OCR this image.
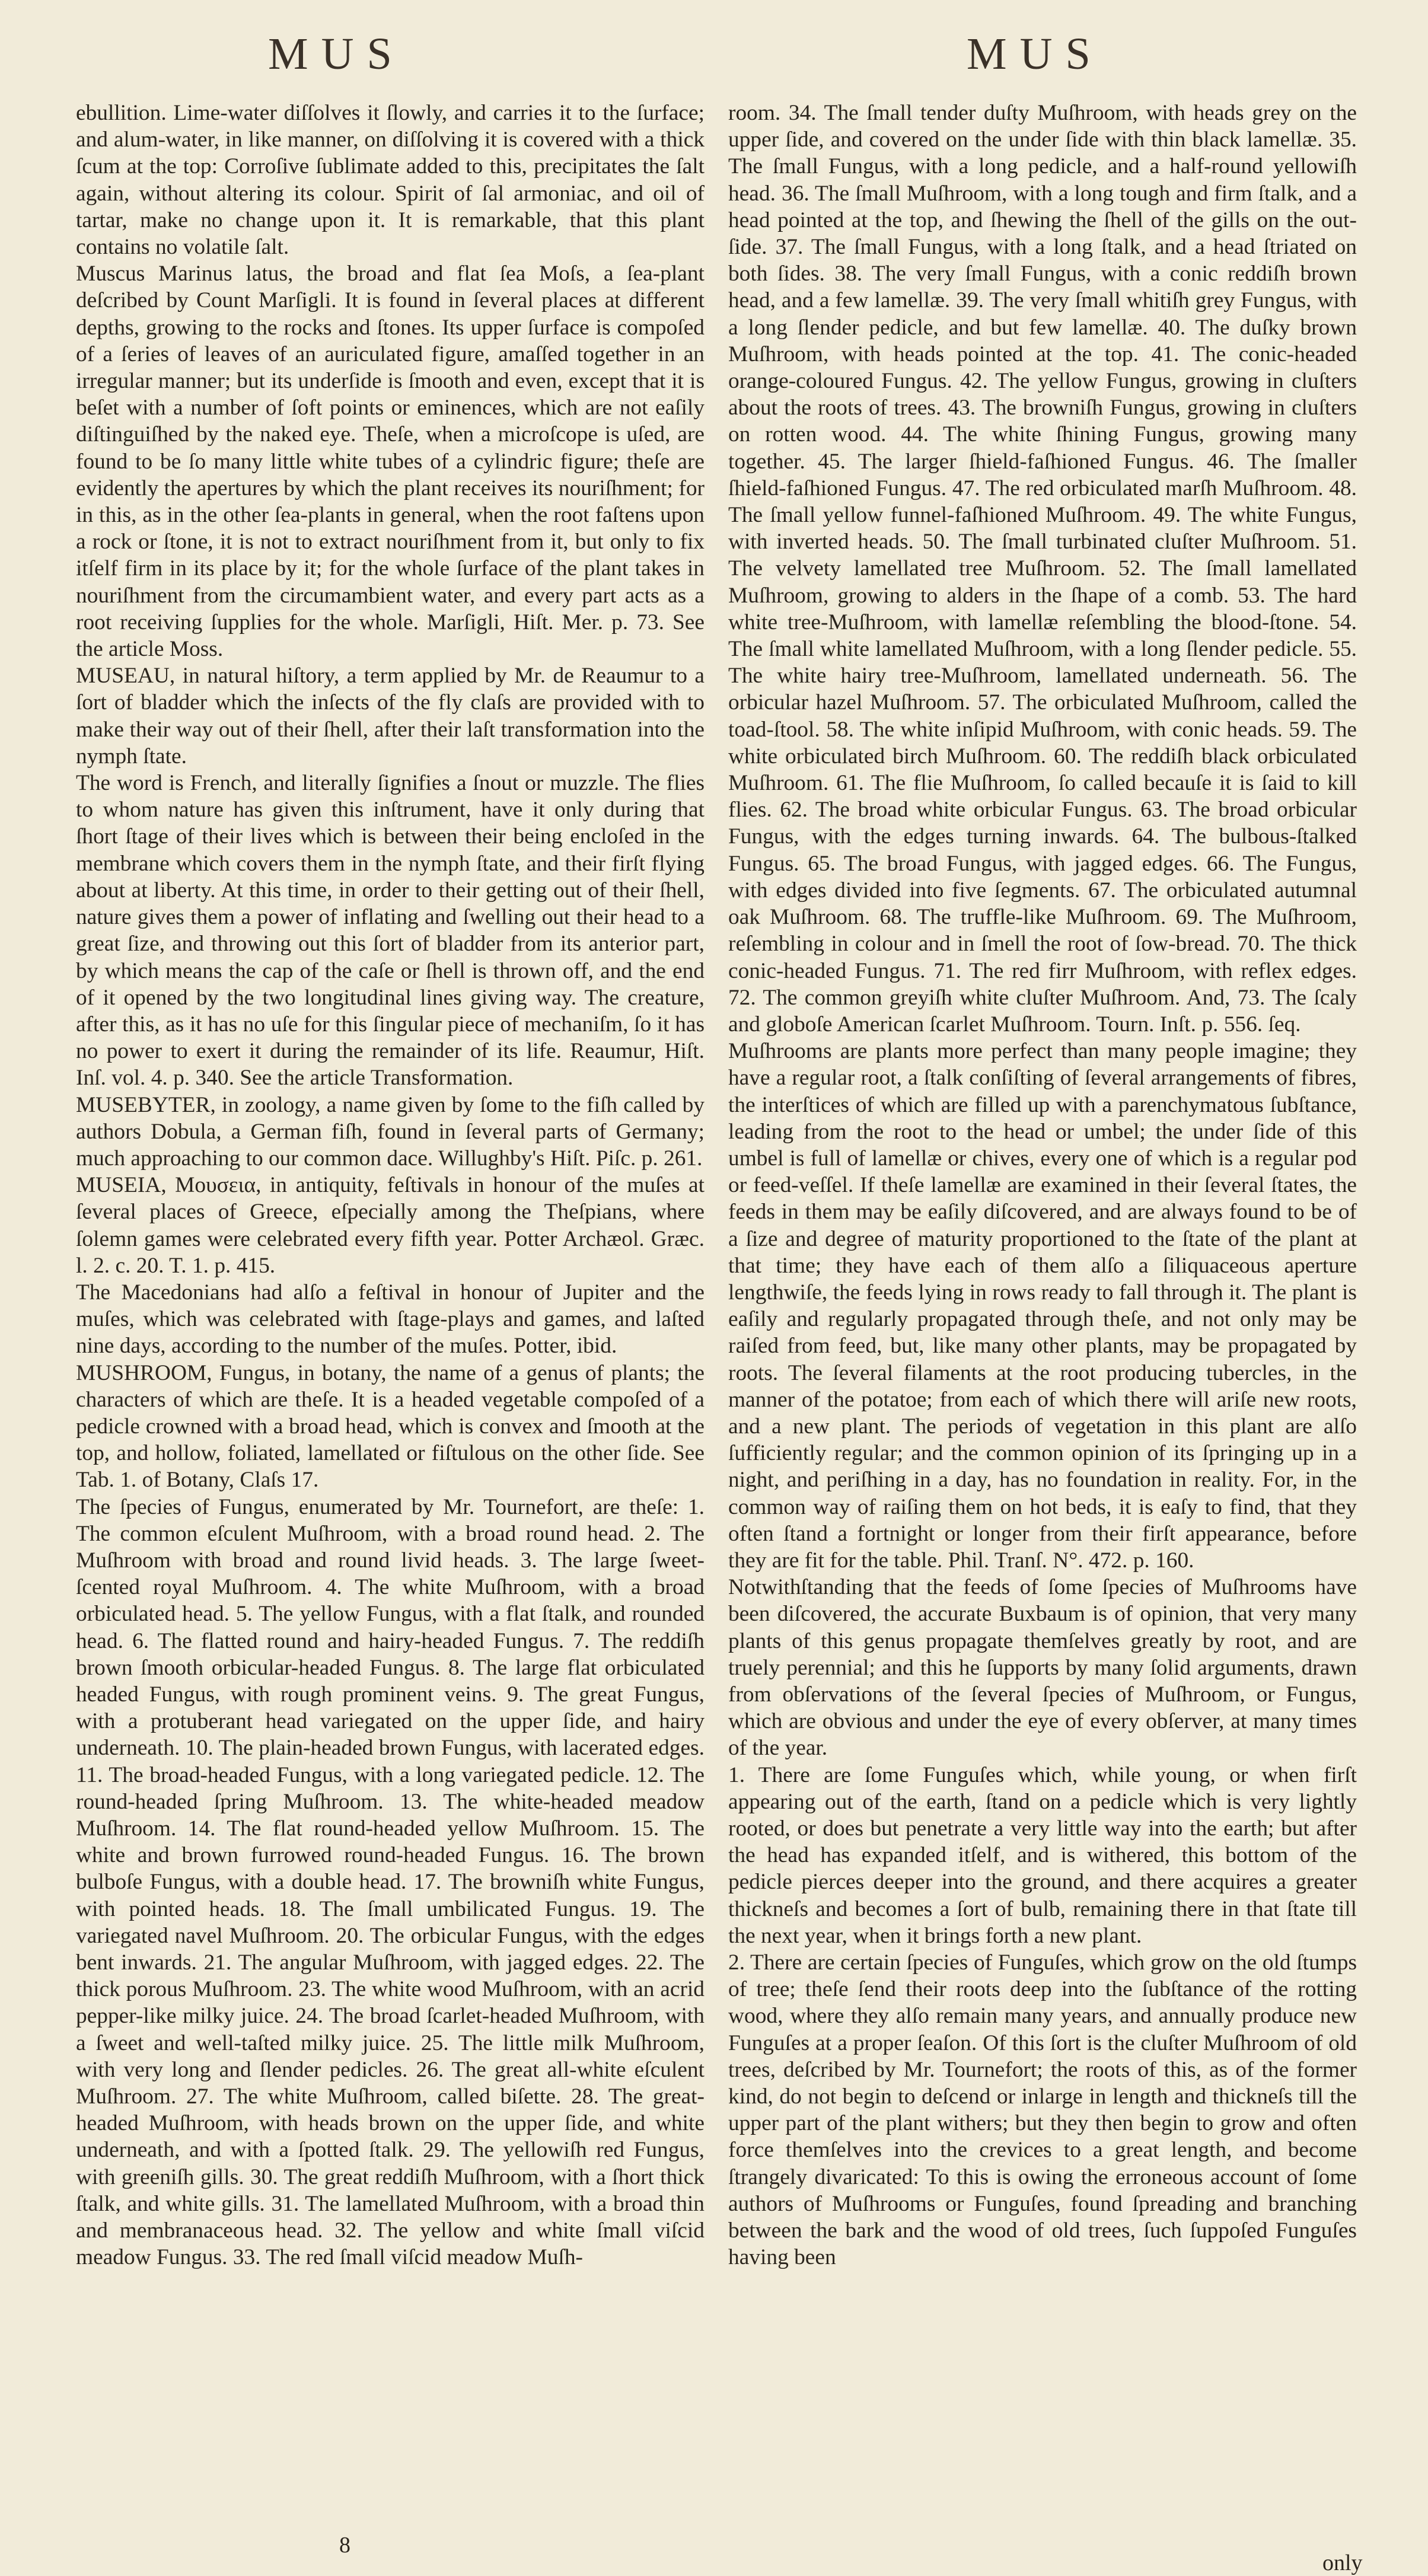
MUS	MUS

ebullition. Lime-water diſſolves it ſlowly, and carries it to the ſurface; and alum-water, in like manner, on diſſolving it is covered with a thick ſcum at the top: Corroſive ſublimate added to this, precipitates the ſalt again, without altering its colour. Spirit of ſal armoniac, and oil of tartar, make no change upon it. It is remarkable, that this plant contains no volatile ſalt.

Muscus Marinus latus, the broad and flat ſea Moſs, a ſea-plant deſcribed by Count Marſigli. It is found in ſeveral places at different depths, growing to the rocks and ſtones. Its upper ſurface is compoſed of a ſeries of leaves of an auriculated figure, amaſſed together in an irregular manner; but its underſide is ſmooth and even, except that it is beſet with a number of ſoft points or eminences, which are not eaſily diſtinguiſhed by the naked eye. Theſe, when a microſcope is uſed, are found to be ſo many little white tubes of a cylindric figure; theſe are evidently the apertures by which the plant receives its nouriſhment; for in this, as in the other ſea-plants in general, when the root faſtens upon a rock or ſtone, it is not to extract nouriſhment from it, but only to fix itſelf firm in its place by it; for the whole ſurface of the plant takes in nouriſhment from the circumambient water, and every part acts as a root receiving ſupplies for the whole. Marſigli, Hiſt. Mer. p. 73. See the article Moss.

MUSEAU, in natural hiſtory, a term applied by Mr. de Reaumur to a ſort of bladder which the inſects of the fly claſs are provided with to make their way out of their ſhell, after their laſt transformation into the nymph ſtate.

The word is French, and literally ſignifies a ſnout or muzzle. The flies to whom nature has given this inſtrument, have it only during that ſhort ſtage of their lives which is between their being encloſed in the membrane which covers them in the nymph ſtate, and their firſt flying about at liberty. At this time, in order to their getting out of their ſhell, nature gives them a power of inflating and ſwelling out their head to a great ſize, and throwing out this ſort of bladder from its anterior part, by which means the cap of the caſe or ſhell is thrown off, and the end of it opened by the two longitudinal lines giving way. The creature, after this, as it has no uſe for this ſingular piece of mechaniſm, ſo it has no power to exert it during the remainder of its life. Reaumur, Hiſt. Inſ. vol. 4. p. 340. See the article Transformation.

MUSEBYTER, in zoology, a name given by ſome to the fiſh called by authors Dobula, a German fiſh, found in ſeveral parts of Germany; much approaching to our common dace. Willughby's Hiſt. Piſc. p. 261.

MUSEIA, Μουσεια, in antiquity, feſtivals in honour of the muſes at ſeveral places of Greece, eſpecially among the Theſpians, where ſolemn games were celebrated every fifth year. Potter Archæol. Græc. l. 2. c. 20. T. 1. p. 415.

The Macedonians had alſo a feſtival in honour of Jupiter and the muſes, which was celebrated with ſtage-plays and games, and laſted nine days, according to the number of the muſes. Potter, ibid.

MUSHROOM, Fungus, in botany, the name of a genus of plants; the characters of which are theſe. It is a headed vegetable compoſed of a pedicle crowned with a broad head, which is convex and ſmooth at the top, and hollow, foliated, lamellated or fiſtulous on the other ſide. See Tab. 1. of Botany, Claſs 17.

The ſpecies of Fungus, enumerated by Mr. Tournefort, are theſe: 1. The common eſculent Muſhroom, with a broad round head. 2. The Muſhroom with broad and round livid heads. 3. The large ſweet-ſcented royal Muſhroom. 4. The white Muſhroom, with a broad orbiculated head. 5. The yellow Fungus, with a flat ſtalk, and rounded head. 6. The flatted round and hairy-headed Fungus. 7. The reddiſh brown ſmooth orbicular-headed Fungus. 8. The large flat orbiculated headed Fungus, with rough prominent veins. 9. The great Fungus, with a protuberant head variegated on the upper ſide, and hairy underneath. 10. The plain-headed brown Fungus, with lacerated edges. 11. The broad-headed Fungus, with a long variegated pedicle. 12. The round-headed ſpring Muſhroom. 13. The white-headed meadow Muſhroom. 14. The flat round-headed yellow Muſhroom. 15. The white and brown furrowed round-headed Fungus. 16. The brown bulboſe Fungus, with a double head. 17. The browniſh white Fungus, with pointed heads. 18. The ſmall umbilicated Fungus. 19. The variegated navel Muſhroom. 20. The orbicular Fungus, with the edges bent inwards. 21. The angular Muſhroom, with jagged edges. 22. The thick porous Muſhroom. 23. The white wood Muſhroom, with an acrid pepper-like milky juice. 24. The broad ſcarlet-headed Muſhroom, with a ſweet and well-taſted milky juice. 25. The little milk Muſhroom, with very long and ſlender pedicles. 26. The great all-white eſculent Muſhroom. 27. The white Muſhroom, called biſette. 28. The great-headed Muſhroom, with heads brown on the upper ſide, and white underneath, and with a ſpotted ſtalk. 29. The yellowiſh red Fungus, with greeniſh gills. 30. The great reddiſh Muſhroom, with a ſhort thick ſtalk, and white gills. 31. The lamellated Muſhroom, with a broad thin and membranaceous head. 32. The yellow and white ſmall viſcid meadow Fungus. 33. The red ſmall viſcid meadow Muſh-

room. 34. The ſmall tender duſty Muſhroom, with heads grey on the upper ſide, and covered on the under ſide with thin black lamellæ. 35. The ſmall Fungus, with a long pedicle, and a half-round yellowiſh head. 36. The ſmall Muſhroom, with a long tough and firm ſtalk, and a head pointed at the top, and ſhewing the ſhell of the gills on the out-ſide. 37. The ſmall Fungus, with a long ſtalk, and a head ſtriated on both ſides. 38. The very ſmall Fungus, with a conic reddiſh brown head, and a few lamellæ. 39. The very ſmall whitiſh grey Fungus, with a long ſlender pedicle, and but few lamellæ. 40. The duſky brown Muſhroom, with heads pointed at the top. 41. The conic-headed orange-coloured Fungus. 42. The yellow Fungus, growing in cluſters about the roots of trees. 43. The browniſh Fungus, growing in cluſters on rotten wood. 44. The white ſhining Fungus, growing many together. 45. The larger ſhield-faſhioned Fungus. 46. The ſmaller ſhield-faſhioned Fungus. 47. The red orbiculated marſh Muſhroom. 48. The ſmall yellow funnel-faſhioned Muſhroom. 49. The white Fungus, with inverted heads. 50. The ſmall turbinated cluſter Muſhroom. 51. The velvety lamellated tree Muſhroom. 52. The ſmall lamellated Muſhroom, growing to alders in the ſhape of a comb. 53. The hard white tree-Muſhroom, with lamellæ reſembling the blood-ſtone. 54. The ſmall white lamellated Muſhroom, with a long ſlender pedicle. 55. The white hairy tree-Muſhroom, lamellated underneath. 56. The orbicular hazel Muſhroom. 57. The orbiculated Muſhroom, called the toad-ſtool. 58. The white inſipid Muſhroom, with conic heads. 59. The white orbiculated birch Muſhroom. 60. The reddiſh black orbiculated Muſhroom. 61. The flie Muſhroom, ſo called becauſe it is ſaid to kill flies. 62. The broad white orbicular Fungus. 63. The broad orbicular Fungus, with the edges turning inwards. 64. The bulbous-ſtalked Fungus. 65. The broad Fungus, with jagged edges. 66. The Fungus, with edges divided into five ſegments. 67. The orbiculated autumnal oak Muſhroom. 68. The truffle-like Muſhroom. 69. The Muſhroom, reſembling in colour and in ſmell the root of ſow-bread. 70. The thick conic-headed Fungus. 71. The red firr Muſhroom, with reflex edges. 72. The common greyiſh white cluſter Muſhroom. And, 73. The ſcaly and globoſe American ſcarlet Muſhroom. Tourn. Inſt. p. 556. ſeq.

Muſhrooms are plants more perfect than many people imagine; they have a regular root, a ſtalk conſiſting of ſeveral arrangements of fibres, the interſtices of which are filled up with a parenchymatous ſubſtance, leading from the root to the head or umbel; the under ſide of this umbel is full of lamellæ or chives, every one of which is a regular pod or feed-veſſel. If theſe lamellæ are examined in their ſeveral ſtates, the feeds in them may be eaſily diſcovered, and are always found to be of a ſize and degree of maturity proportioned to the ſtate of the plant at that time; they have each of them alſo a ſiliquaceous aperture lengthwiſe, the feeds lying in rows ready to fall through it. The plant is eaſily and regularly propagated through theſe, and not only may be raiſed from feed, but, like many other plants, may be propagated by roots. The ſeveral filaments at the root producing tubercles, in the manner of the potatoe; from each of which there will ariſe new roots, and a new plant. The periods of vegetation in this plant are alſo ſufficiently regular; and the common opinion of its ſpringing up in a night, and periſhing in a day, has no foundation in reality. For, in the common way of raiſing them on hot beds, it is eaſy to find, that they often ſtand a fortnight or longer from their firſt appearance, before they are fit for the table. Phil. Tranſ. N°. 472. p. 160.

Notwithſtanding that the feeds of ſome ſpecies of Muſhrooms have been diſcovered, the accurate Buxbaum is of opinion, that very many plants of this genus propagate themſelves greatly by root, and are truely perennial; and this he ſupports by many ſolid arguments, drawn from obſervations of the ſeveral ſpecies of Muſhroom, or Fungus, which are obvious and under the eye of every obſerver, at many times of the year.

1. There are ſome Funguſes which, while young, or when firſt appearing out of the earth, ſtand on a pedicle which is very lightly rooted, or does but penetrate a very little way into the earth; but after the head has expanded itſelf, and is withered, this bottom of the pedicle pierces deeper into the ground, and there acquires a greater thickneſs and becomes a ſort of bulb, remaining there in that ſtate till the next year, when it brings forth a new plant.

2. There are certain ſpecies of Funguſes, which grow on the old ſtumps of tree; theſe ſend their roots deep into the ſubſtance of the rotting wood, where they alſo remain many years, and annually produce new Funguſes at a proper ſeaſon. Of this ſort is the cluſter Muſhroom of old trees, deſcribed by Mr. Tournefort; the roots of this, as of the former kind, do not begin to deſcend or inlarge in length and thickneſs till the upper part of the plant withers; but they then begin to grow and often force themſelves into the crevices to a great length, and become ſtrangely divaricated: To this is owing the erroneous account of ſome authors of Muſhrooms or Funguſes, found ſpreading and branching between the bark and the wood of old trees, ſuch ſuppoſed Funguſes having been

8
only
